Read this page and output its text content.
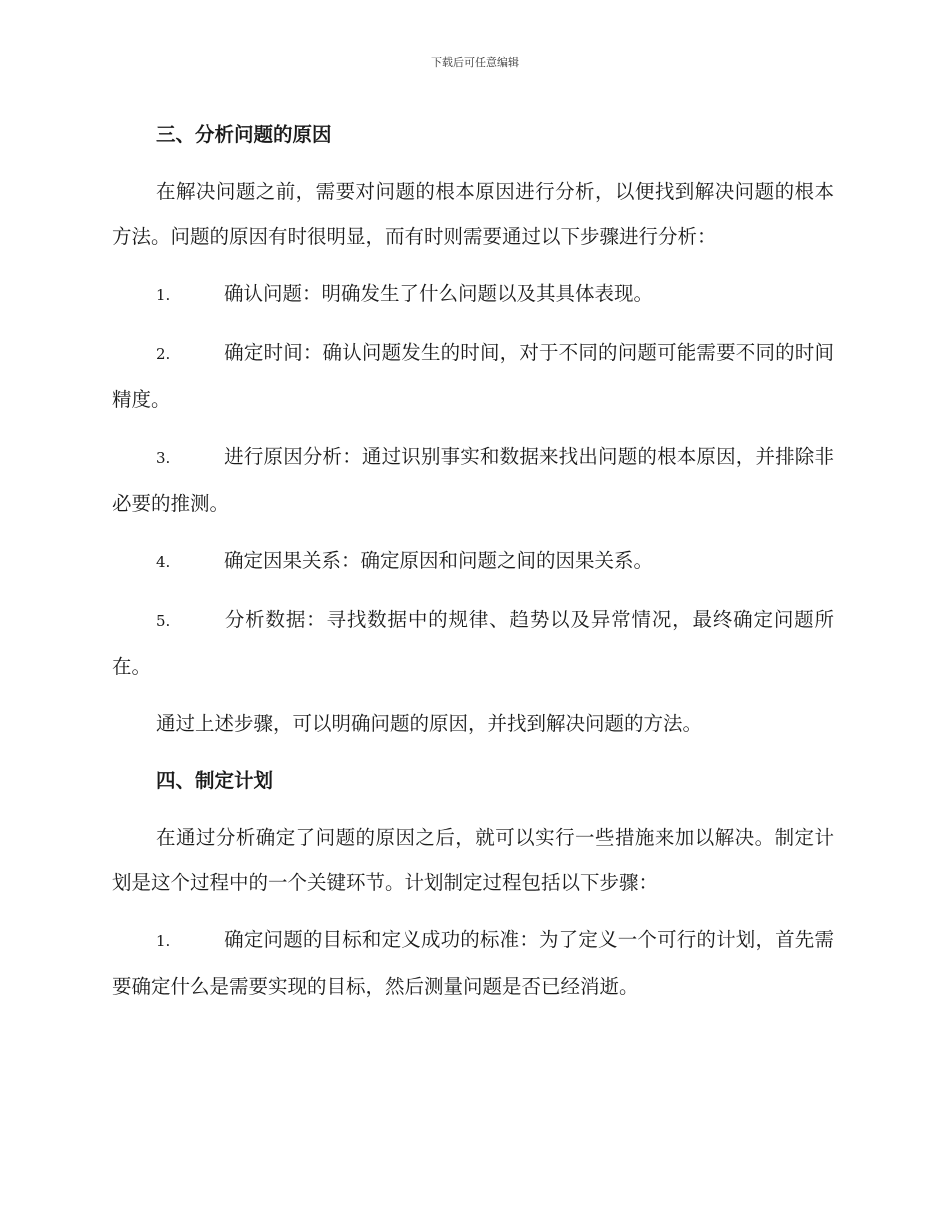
下载后可任意编辑
三、分析问题的原因
在解决问题之前，需要对问题的根本原因进行分析，以便找到解决问题的根本方法。问题的原因有时很明显，而有时则需要通过以下步骤进行分析：
1.	确认问题：明确发生了什么问题以及其具体表现。
2.	确定时间：确认问题发生的时间，对于不同的问题可能需要不同的时间精度。
3.	进行原因分析：通过识别事实和数据来找出问题的根本原因，并排除非必要的推测。
4.	确定因果关系：确定原因和问题之间的因果关系。
5.	分析数据：寻找数据中的规律、趋势以及异常情况，最终确定问题所在。
通过上述步骤，可以明确问题的原因，并找到解决问题的方法。
四、制定计划
在通过分析确定了问题的原因之后，就可以实行一些措施来加以解决。制定计划是这个过程中的一个关键环节。计划制定过程包括以下步骤：
1.	确定问题的目标和定义成功的标准：为了定义一个可行的计划，首先需要确定什么是需要实现的目标，然后测量问题是否已经消逝。
